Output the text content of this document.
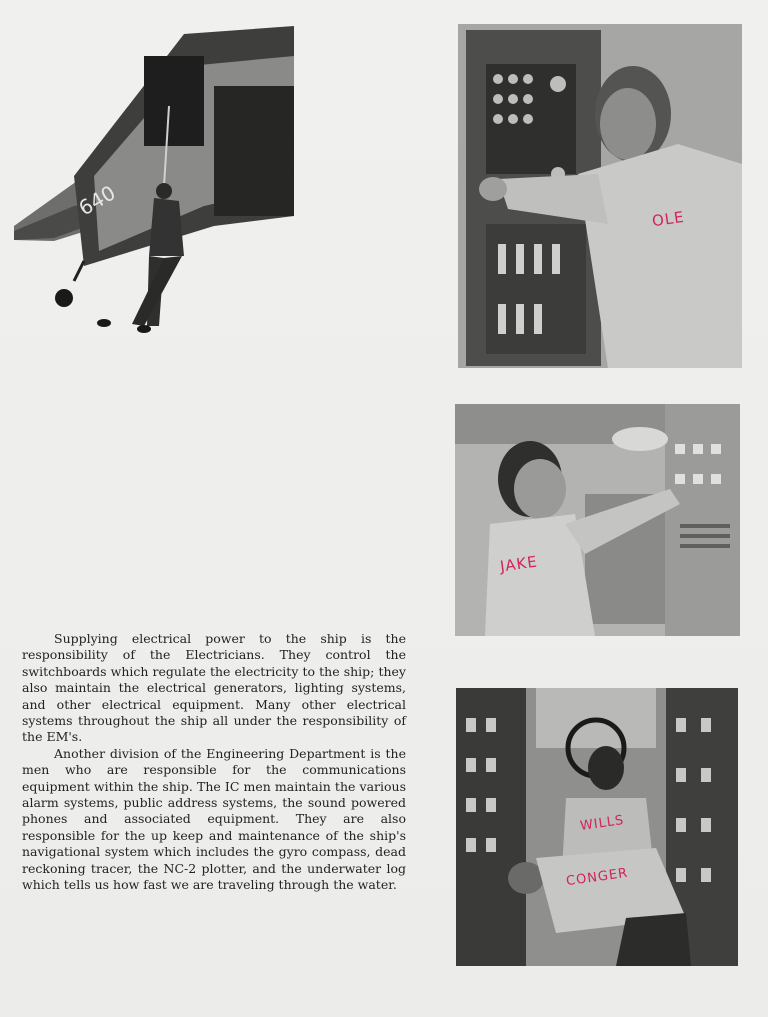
640	OLE
JAKE
WILLS
CONGER

Supplying electrical power to the ship is the responsibility of the Electricians. They control the switchboards which regulate the electricity to the ship; they also maintain the electrical generators, lighting systems, and other electrical equipment. Many other electrical systems throughout the ship all under the responsibility of the EM's.

Another division of the Engineering Department is the men who are responsible for the communications equipment within the ship. The IC men maintain the various alarm systems, public address systems, the sound powered phones and associated equipment. They are also responsible for the up keep and maintenance of the ship's navigational system which includes the gyro compass, dead reckoning tracer, the NC-2 plotter, and the underwater log which tells us how fast we are traveling through the water.
